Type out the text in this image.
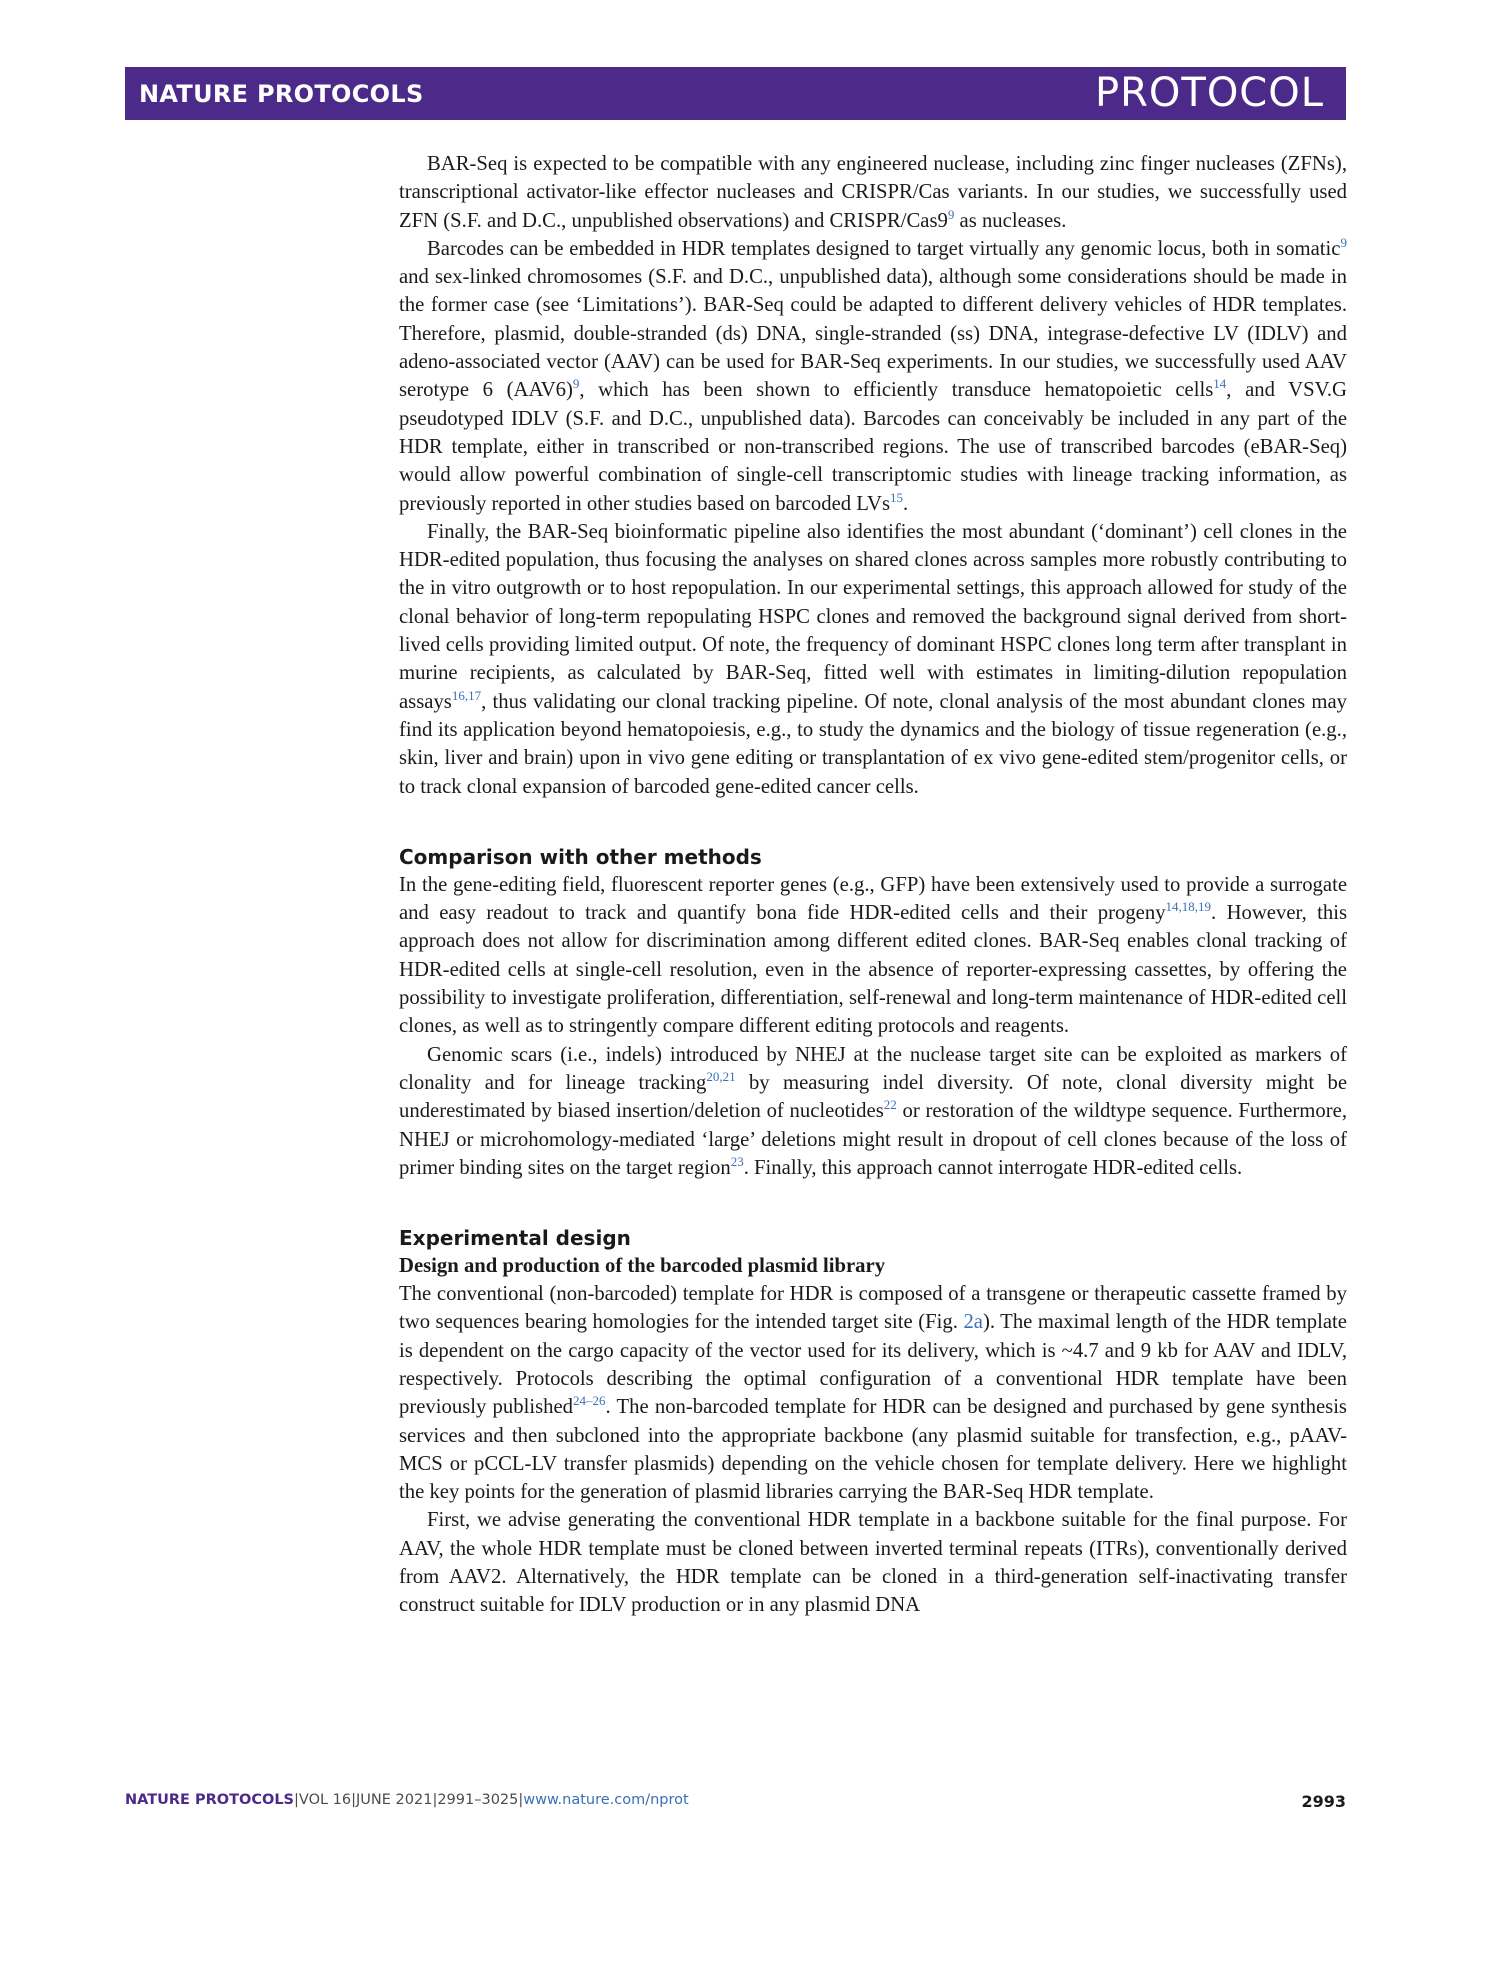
NATURE PROTOCOLS	PROTOCOL

BAR-Seq is expected to be compatible with any engineered nuclease, including zinc finger nucleases (ZFNs), transcriptional activator-like effector nucleases and CRISPR/Cas variants. In our studies, we successfully used ZFN (S.F. and D.C., unpublished observations) and CRISPR/$Cas9^9$ as nucleases.

Barcodes can be embedded in HDR templates designed to target virtually any genomic locus, both in somatic$^9$ and sex-linked chromosomes (S.F. and D.C., unpublished data), although some considerations should be made in the former case (see ‘Limitations’). BAR-Seq could be adapted to different delivery vehicles of HDR templates. Therefore, plasmid, double-stranded (ds) DNA, single-stranded (ss) DNA, integrase-defective LV (IDLV) and adeno-associated vector (AAV) can be used for BAR-Seq experiments. In our studies, we successfully used AAV serotype 6 $(AAV6)^9$, which has been shown to efficiently transduce hematopoietic cells$^{14}$, and VSV.G pseudotyped IDLV (S.F. and D.C., unpublished data). Barcodes can conceivably be included in any part of the HDR template, either in transcribed or non-transcribed regions. The use of transcribed barcodes (eBAR-Seq) would allow powerful combination of single-cell transcriptomic studies with lineage tracking information, as previously reported in other studies based on barcoded LVs$^{15}$.

Finally, the BAR-Seq bioinformatic pipeline also identifies the most abundant (‘dominant’) cell clones in the HDR-edited population, thus focusing the analyses on shared clones across samples more robustly contributing to the in vitro outgrowth or to host repopulation. In our experimental settings, this approach allowed for study of the clonal behavior of long-term repopulating HSPC clones and removed the background signal derived from short-lived cells providing limited output. Of note, the frequency of dominant HSPC clones long term after transplant in murine recipients, as calculated by BAR-Seq, fitted well with estimates in limiting-dilution repopulation assays$^{16,17}$, thus validating our clonal tracking pipeline. Of note, clonal analysis of the most abundant clones may find its application beyond hematopoiesis, e.g., to study the dynamics and the biology of tissue regeneration (e.g., skin, liver and brain) upon in vivo gene editing or transplantation of ex vivo gene-edited stem/progenitor cells, or to track clonal expansion of barcoded gene-edited cancer cells.

Comparison with other methods

In the gene-editing field, fluorescent reporter genes (e.g., GFP) have been extensively used to provide a surrogate and easy readout to track and quantify bona fide HDR-edited cells and their progeny$^{14,18,19}$. However, this approach does not allow for discrimination among different edited clones. BAR-Seq enables clonal tracking of HDR-edited cells at single-cell resolution, even in the absence of reporter-expressing cassettes, by offering the possibility to investigate proliferation, differentiation, self-renewal and long-term maintenance of HDR-edited cell clones, as well as to stringently compare different editing protocols and reagents.

Genomic scars (i.e., indels) introduced by NHEJ at the nuclease target site can be exploited as markers of clonality and for lineage tracking$^{20,21}$ by measuring indel diversity. Of note, clonal diversity might be underestimated by biased insertion/deletion of nucleotides$^{22}$ or restoration of the wildtype sequence. Furthermore, NHEJ or microhomology-mediated ‘large’ deletions might result in dropout of cell clones because of the loss of primer binding sites on the target region$^{23}$. Finally, this approach cannot interrogate HDR-edited cells.

Experimental design
Design and production of the barcoded plasmid library

The conventional (non-barcoded) template for HDR is composed of a transgene or therapeutic cassette framed by two sequences bearing homologies for the intended target site (Fig. 2a). The maximal length of the HDR template is dependent on the cargo capacity of the vector used for its delivery, which is ~4.7 and 9 kb for AAV and IDLV, respectively. Protocols describing the optimal configuration of a conventional HDR template have been previously published$^{24-26}$. The non-barcoded template for HDR can be designed and purchased by gene synthesis services and then subcloned into the appropriate backbone (any plasmid suitable for transfection, e.g., pAAV-MCS or pCCL-LV transfer plasmids) depending on the vehicle chosen for template delivery. Here we highlight the key points for the generation of plasmid libraries carrying the BAR-Seq HDR template.

First, we advise generating the conventional HDR template in a backbone suitable for the final purpose. For AAV, the whole HDR template must be cloned between inverted terminal repeats (ITRs), conventionally derived from AAV2. Alternatively, the HDR template can be cloned in a third-generation self-inactivating transfer construct suitable for IDLV production or in any plasmid DNA

NATURE PROTOCOLS|VOL 16|JUNE 2021|2991–3025|www.nature.com/nprot	2993
